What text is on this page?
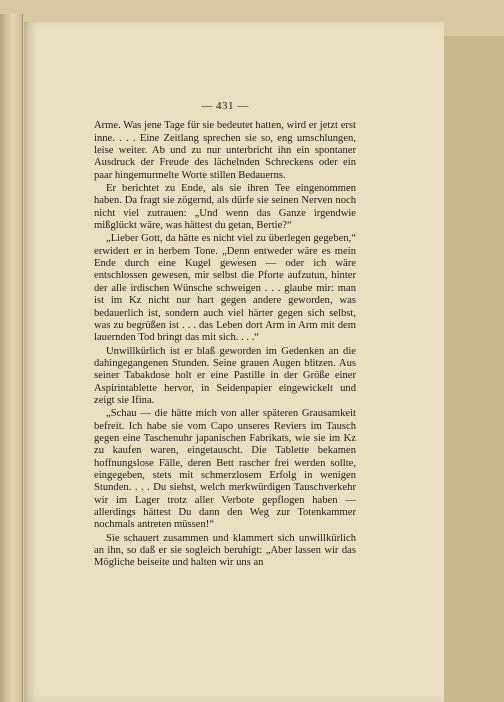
— 431 —

Arme. Was jene Tage für sie bedeutet hatten, wird er jetzt erst inne. . . . Eine Zeitlang sprechen sie so, eng umschlungen, leise weiter. Ab und zu nur unterbricht ihn ein spontaner Ausdruck der Freude des lächelnden Schreckens oder ein paar hingemurmelte Worte stillen Bedauerns.

Er berichtet zu Ende, als sie ihren Tee eingenommen haben. Da fragt sie zögernd, als dürfe sie seinen Nerven noch nicht viel zutrauen: „Und wenn das Ganze irgendwie mißglückt wäre, was hättest du getan, Bertie?“

„Lieber Gott, da hätte es nicht viel zu überlegen gegeben,“ erwidert er in herbem Tone. „Denn entweder wäre es mein Ende durch eine Kugel gewesen — oder ich wäre entschlossen gewesen, mir selbst die Pforte aufzutun, hinter der alle irdischen Wünsche schweigen . . . glaube mir: man ist im Kz nicht nur hart gegen andere geworden, was bedauerlich ist, sondern auch viel härter gegen sich selbst, was zu begrüßen ist . . . das Leben dort Arm in Arm mit dem lauernden Tod bringt das mit sich. . . .“

Unwillkürlich ist er blaß geworden im Gedenken an die dahingegangenen Stunden. Seine grauen Augen blitzen. Aus seiner Tabakdose holt er eine Pastille in der Größe einer Aspirintablette hervor, in Seidenpapier eingewickelt und zeigt sie Ifina.

„Schau — die hätte mich von aller späteren Grausamkeit befreit. Ich habe sie vom Capo unseres Reviers im Tausch gegen eine Taschenuhr japanischen Fabrikats, wie sie im Kz zu kaufen waren, eingetauscht. Die Tablette bekamen hoffnungslose Fälle, deren Bett rascher frei werden sollte, eingegeben, stets mit schmerzlosem Erfolg in wenigen Stunden. . . . Du siehst, welch merkwürdigen Tauschverkehr wir im Lager trotz aller Verbote gepflogen haben — allerdings hättest Du dann den Weg zur Totenkammer nochmals antreten müssen!“

Sie schauert zusammen und klammert sich unwillkürlich an ihn, so daß er sie sogleich beruhigt: „Aber lassen wir das Mögliche beiseite und halten wir uns an
